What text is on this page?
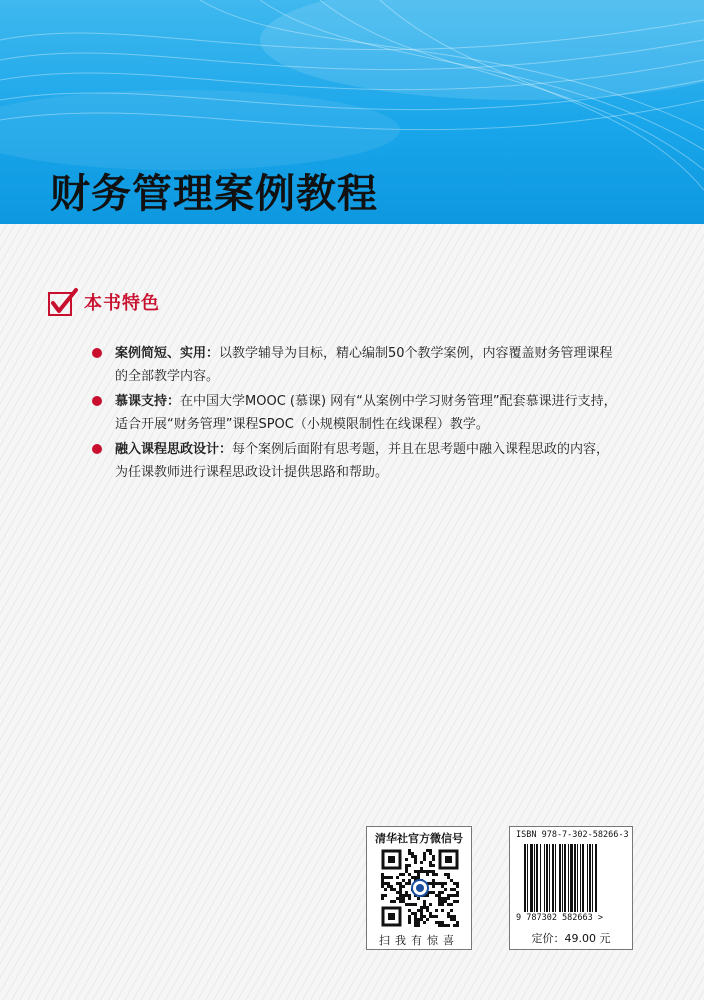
财务管理案例教程
本书特色
案例简短、实用：以教学辅导为目标，精心编制50个教学案例，内容覆盖财务管理课程的全部教学内容。
慕课支持：在中国大学MOOC (慕课) 网有“从案例中学习财务管理”配套慕课进行支持，适合开展“财务管理”课程SPOC（小规模限制性在线课程）教学。
融入课程思政设计：每个案例后面附有思考题，并且在思考题中融入课程思政的内容，为任课教师进行课程思政设计提供思路和帮助。
清华社官方微信号
扫我有惊喜
ISBN 978-7-302-58266-3
9 787302 582663 >
定价：49.00 元
